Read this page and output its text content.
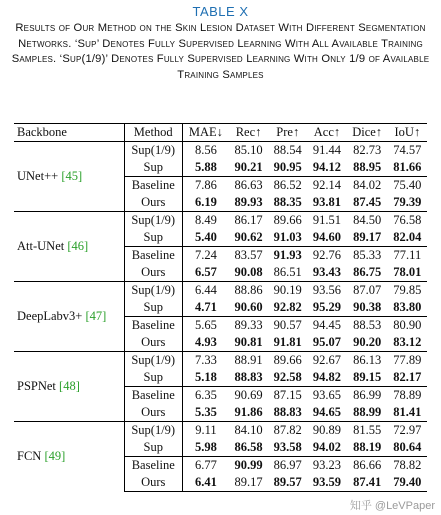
TABLE X
Results of Our Method on the Skin Lesion Dataset With Different Segmentation Networks. ‘Sup’ Denotes Fully Supervised Learning With All Available Training Samples. ‘Sup(1/9)’ Denotes Fully Supervised Learning With Only 1/9 of Available Training Samples
Backbone	Method	MAE↓	Rec↑	Pre↑	Acc↑	Dice↑	IoU↑
UNet++ [45]	Sup(1/9)	8.56	85.10	88.54	91.44	82.73	74.57
	Sup	5.88	90.21	90.95	94.12	88.95	81.66
	Baseline	7.86	86.63	86.52	92.14	84.02	75.40
	Ours	6.19	89.93	88.35	93.81	87.45	79.39
Att-UNet [46]	Sup(1/9)	8.49	86.17	89.66	91.51	84.50	76.58
	Sup	5.40	90.62	91.03	94.60	89.17	82.04
	Baseline	7.24	83.57	91.93	92.76	85.33	77.11
	Ours	6.57	90.08	86.51	93.43	86.75	78.01
DeepLabv3+ [47]	Sup(1/9)	6.44	88.86	90.19	93.56	87.07	79.85
	Sup	4.71	90.60	92.82	95.29	90.38	83.80
	Baseline	5.65	89.33	90.57	94.45	88.53	80.90
	Ours	4.93	90.81	91.81	95.07	90.20	83.12
PSPNet [48]	Sup(1/9)	7.33	88.91	89.66	92.67	86.13	77.89
	Sup	5.18	88.83	92.58	94.82	89.15	82.17
	Baseline	6.35	90.69	87.15	93.65	86.99	78.89
	Ours	5.35	91.86	88.83	94.65	88.99	81.41
FCN [49]	Sup(1/9)	9.11	84.10	87.82	90.89	81.55	72.97
	Sup	5.98	86.58	93.58	94.02	88.19	80.64
	Baseline	6.77	90.99	86.97	93.23	86.66	78.82
	Ours	6.41	89.17	89.57	93.59	87.41	79.40
知乎 @LeVPaper
